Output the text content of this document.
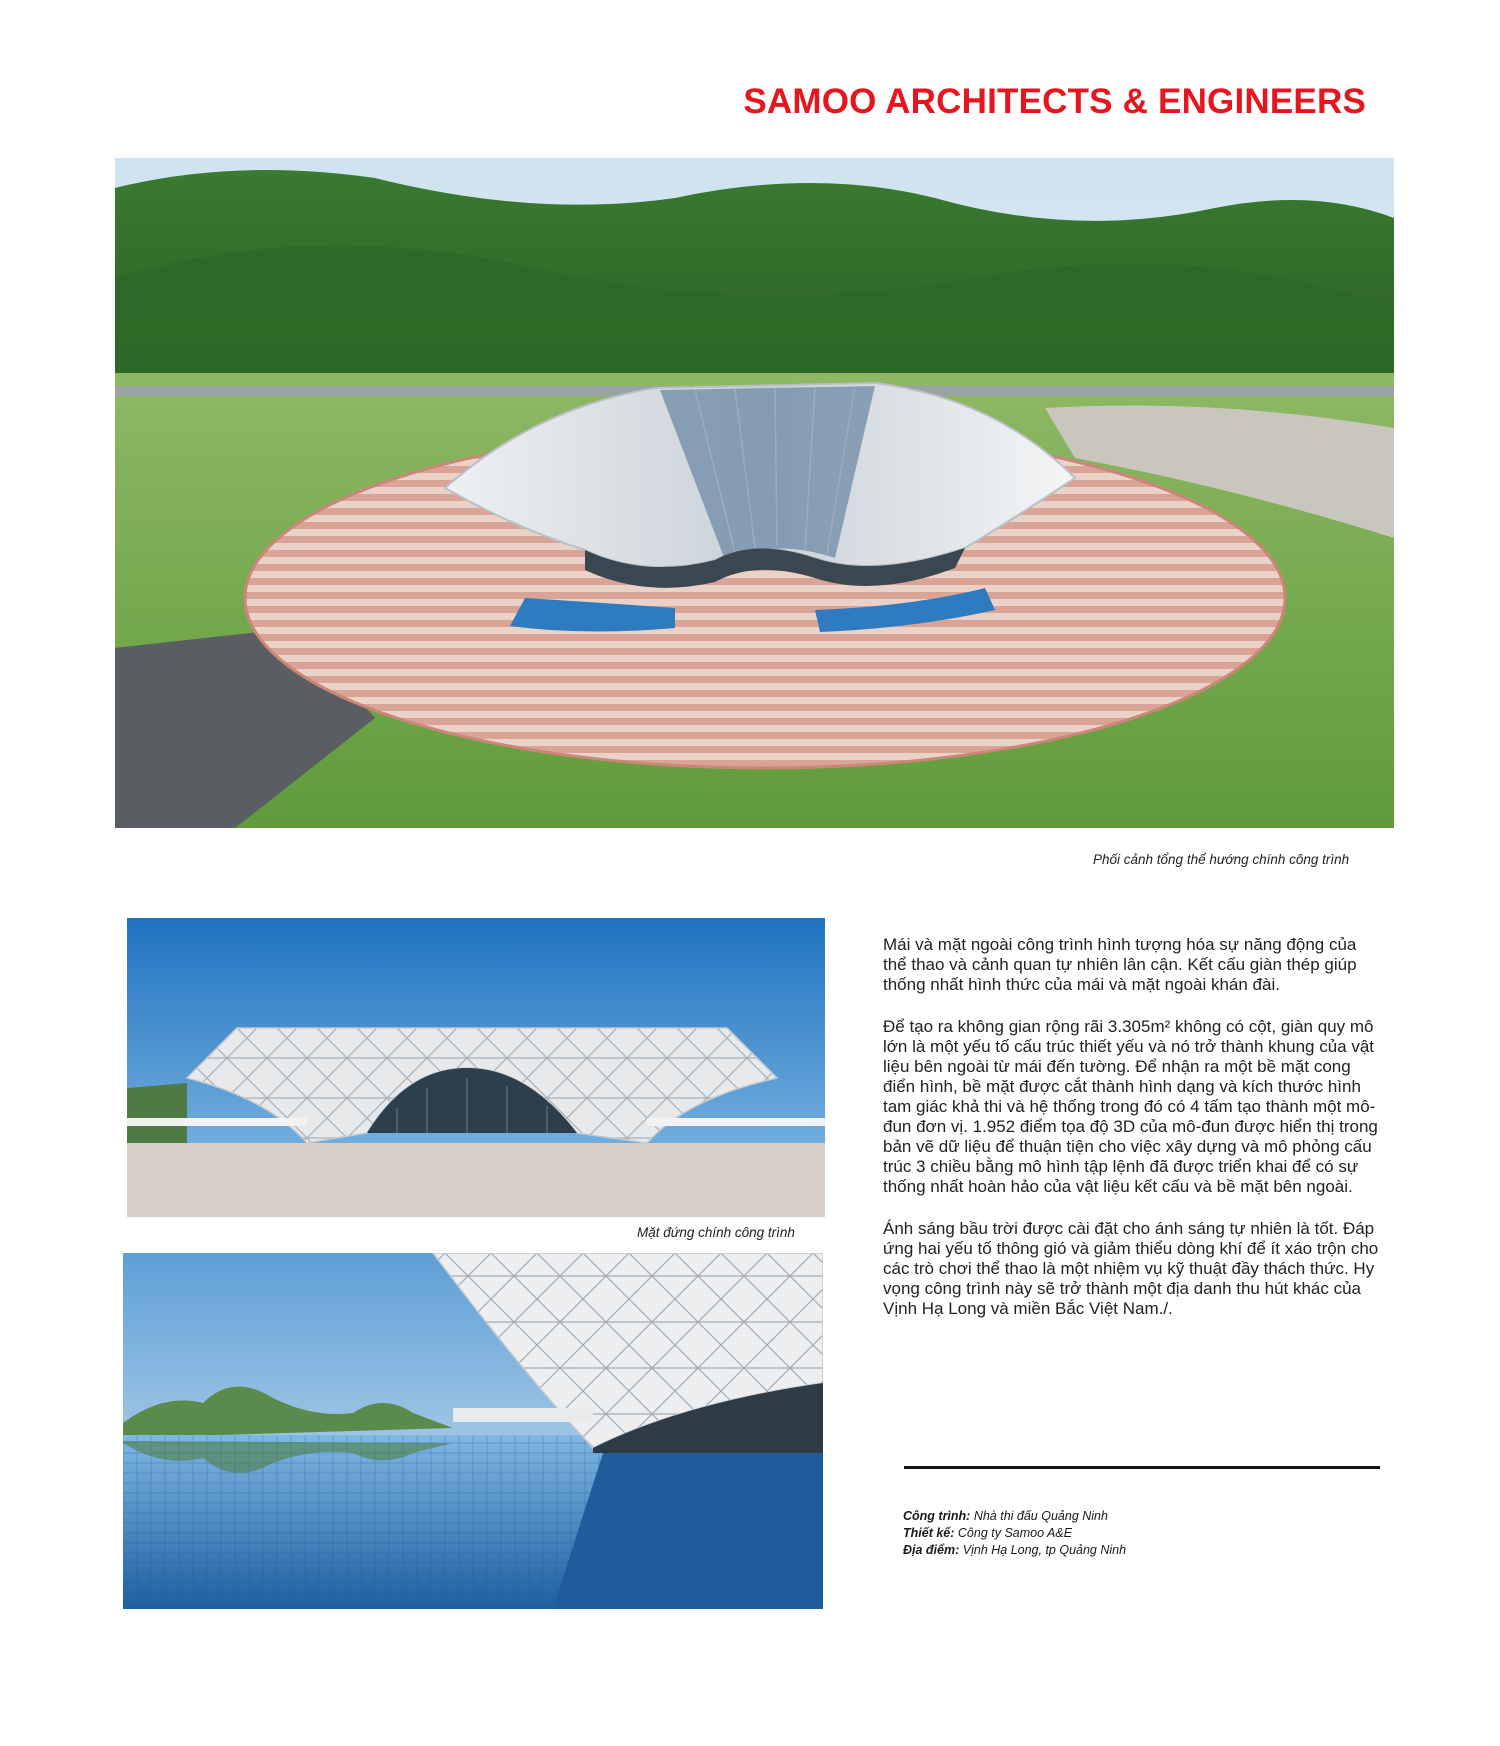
SAMOO ARCHITECTS & ENGINEERS
Phối cảnh tổng thể hướng chính công trình
Mặt đứng chính công trình

Mái và mặt ngoài công trình hình tượng hóa sự năng động của thể thao và cảnh quan tự nhiên lân cận. Kết cấu giàn thép giúp thống nhất hình thức của mái và mặt ngoài khán đài.

Để tạo ra không gian rộng rãi 3.305m² không có cột, giàn quy mô lớn là một yếu tố cấu trúc thiết yếu và nó trở thành khung của vật liệu bên ngoài từ mái đến tường. Để nhận ra một bề mặt cong điển hình, bề mặt được cắt thành hình dạng và kích thước hình tam giác khả thi và hệ thống trong đó có 4 tấm tạo thành một mô-đun đơn vị. 1.952 điểm tọa độ 3D của mô-đun được hiển thị trong bản vẽ dữ liệu để thuận tiện cho việc xây dựng và mô phỏng cấu trúc 3 chiều bằng mô hình tập lệnh đã được triển khai để có sự thống nhất hoàn hảo của vật liệu kết cấu và bề mặt bên ngoài.

Ánh sáng bầu trời được cài đặt cho ánh sáng tự nhiên là tốt. Đáp ứng hai yếu tố thông gió và giảm thiểu dòng khí để ít xáo trộn cho các trò chơi thể thao là một nhiệm vụ kỹ thuật đầy thách thức. Hy vọng công trình này sẽ trở thành một địa danh thu hút khác của Vịnh Hạ Long và miền Bắc Việt Nam./.

Công trình: Nhà thi đấu Quảng Ninh
Thiết kế: Công ty Samoo A&E
Địa điểm: Vịnh Hạ Long, tp Quảng Ninh
